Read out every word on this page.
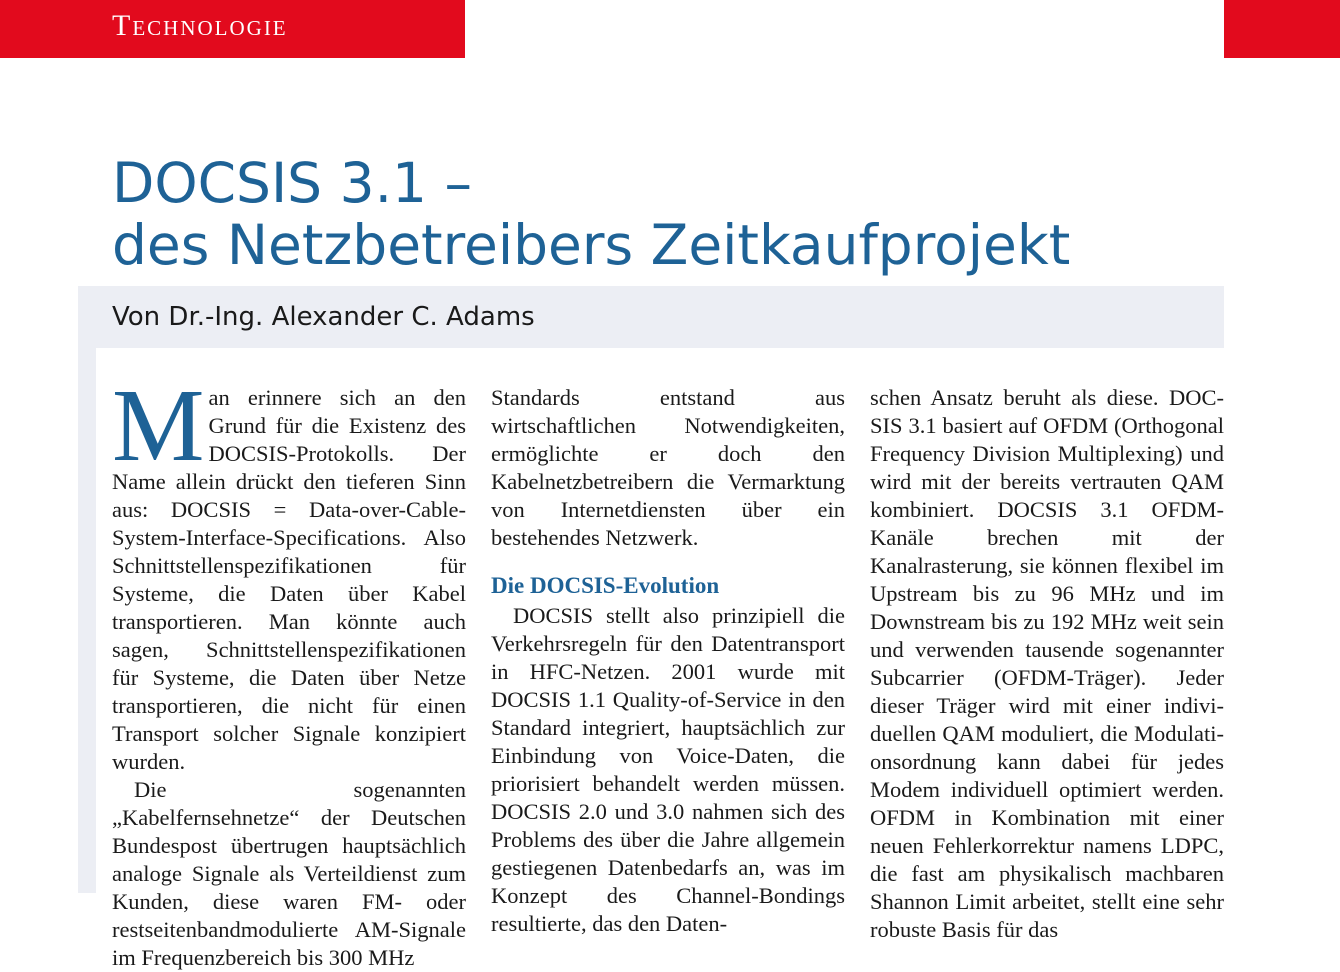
Technologie
DOCSIS 3.1 –
des Netzbetreibers Zeitkaufprojekt
Von Dr.-Ing. Alexander C. Adams

Man erinnere sich an den Grund für die Existenz des DOCSIS-Protokolls. Der Name allein drückt den tieferen Sinn aus: DOCSIS = Data-over-Cable-System-Interface-Specifications. Also Schnittstellenspezifikationen für Systeme, die Daten über Kabel transportieren. Man könnte auch sagen, Schnittstellenspezifikationen für Systeme, die Daten über Netze transportieren, die nicht für einen Transport solcher Signale konzipiert wurden.

Die sogenannten „Kabelfernsehnetze“ der Deutschen Bundespost übertrugen hauptsächlich analoge Signale als Verteildienst zum Kunden, diese waren FM- oder restseitenbandmodulierte AM-Signale im Frequenzbereich bis 300 MHz

Standards entstand aus wirtschaftlichen Notwendigkeiten, ermöglichte er doch den Kabelnetzbetreibern die Vermarktung von Internetdiensten über ein bestehendes Netzwerk.

Die DOCSIS-Evolution

DOCSIS stellt also prinzipiell die Verkehrsregeln für den Datentransport in HFC-Netzen. 2001 wurde mit DOCSIS 1.1 Quality-of-Service in den Standard integriert, hauptsächlich zur Einbindung von Voice-Daten, die priorisiert behandelt werden müssen. DOCSIS 2.0 und 3.0 nahmen sich des Problems des über die Jahre allgemein gestiegenen Datenbedarfs an, was im Konzept des Channel-Bondings resultierte, das den Daten-

schen Ansatz beruht als diese. DOCSIS 3.1 basiert auf OFDM (Orthogonal Frequency Division Multiplexing) und wird mit der bereits vertrauten QAM kombiniert. DOCSIS 3.1 OFDM-Kanäle brechen mit der Kanalrasterung, sie können flexibel im Upstream bis zu 96 MHz und im Downstream bis zu 192 MHz weit sein und verwenden tausende sogenannter Subcarrier (OFDM-Träger). Jeder dieser Träger wird mit einer individuellen QAM moduliert, die Modulationsordnung kann dabei für jedes Modem individuell optimiert werden. OFDM in Kombination mit einer neuen Fehlerkorrektur namens LDPC, die fast am physikalisch machbaren Shannon Limit arbeitet, stellt eine sehr robuste Basis für das
